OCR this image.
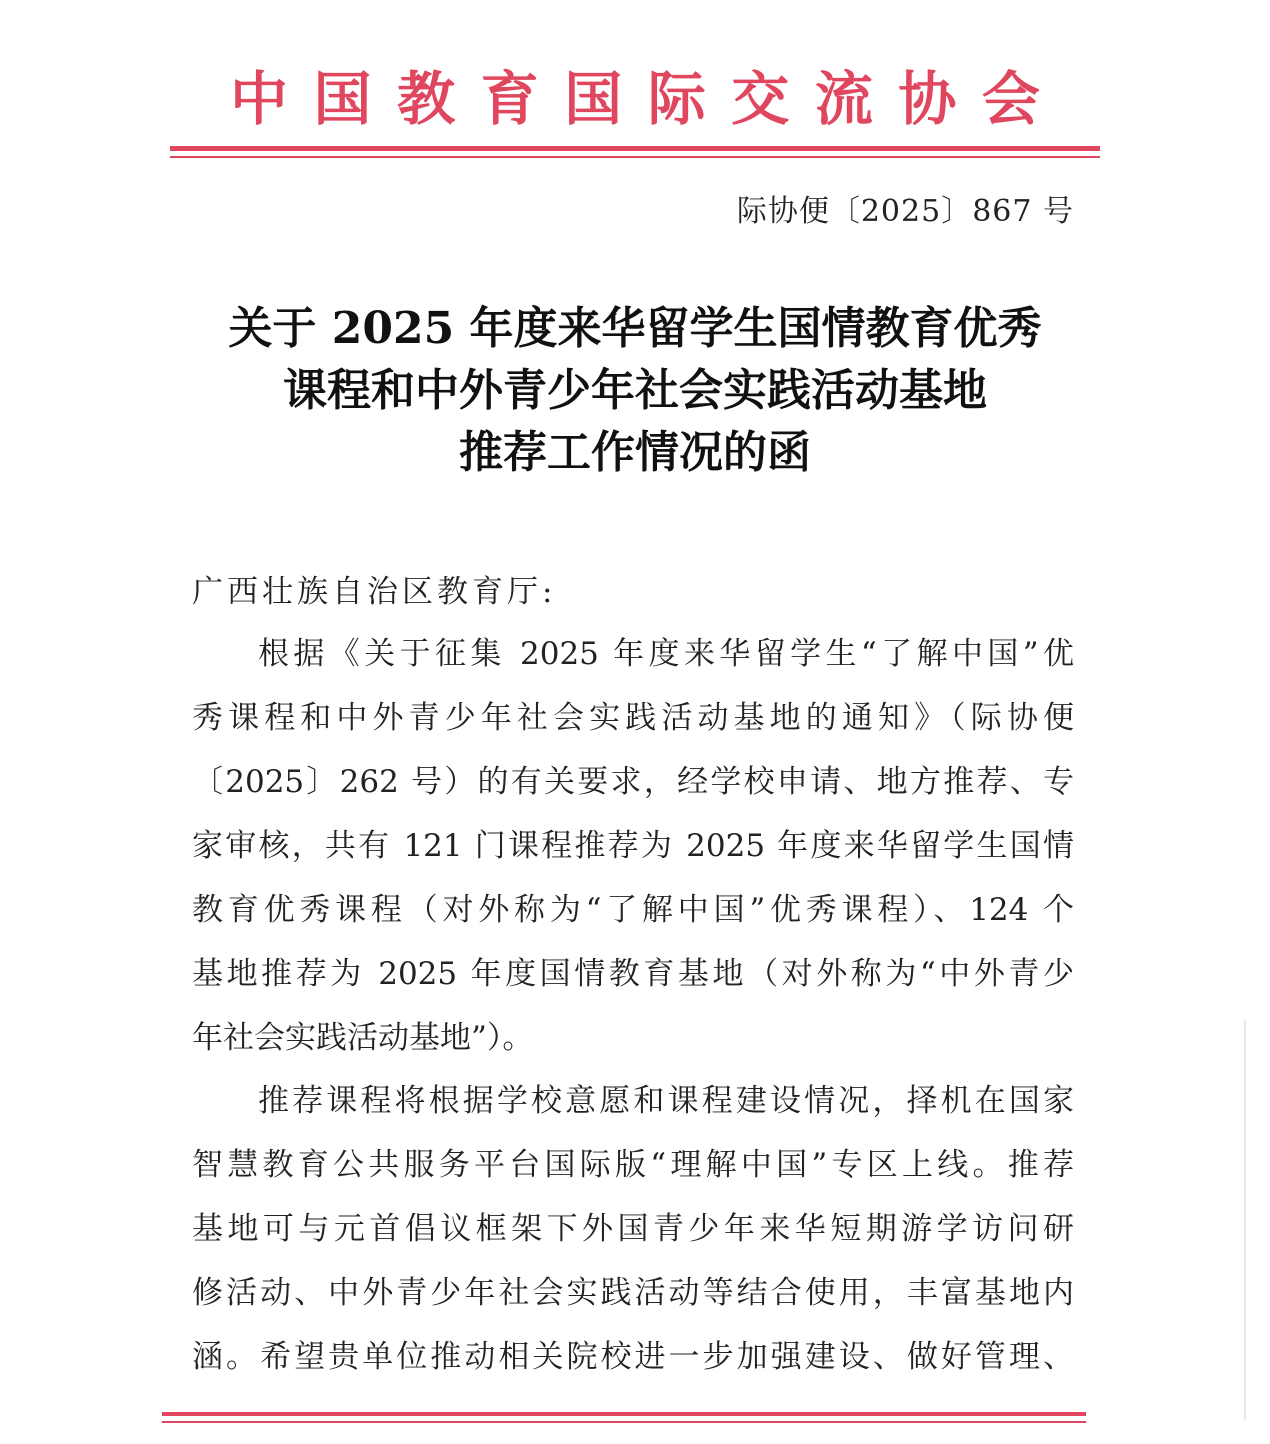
中 国 教 育 国 际 交 流 协 会
际协便〔2025〕867 号
关于 2025 年度来华留学生国情教育优秀
课程和中外青少年社会实践活动基地
推荐工作情况的函
广西壮族自治区教育厅:
根据《关于征集 2025 年度来华留学生“了解中国”优
秀课程和中外青少年社会实践活动基地的通知》（际协便
〔2025〕262 号）的有关要求，经学校申请、地方推荐、专
家审核，共有 121 门课程推荐为 2025 年度来华留学生国情
教育优秀课程（对外称为“了解中国”优秀课程）、124 个
基地推荐为 2025 年度国情教育基地（对外称为“中外青少
年社会实践活动基地”）。
推荐课程将根据学校意愿和课程建设情况，择机在国家
智慧教育公共服务平台国际版“理解中国”专区上线。推荐
基地可与元首倡议框架下外国青少年来华短期游学访问研
修活动、中外青少年社会实践活动等结合使用，丰富基地内
涵。希望贵单位推动相关院校进一步加强建设、做好管理、
